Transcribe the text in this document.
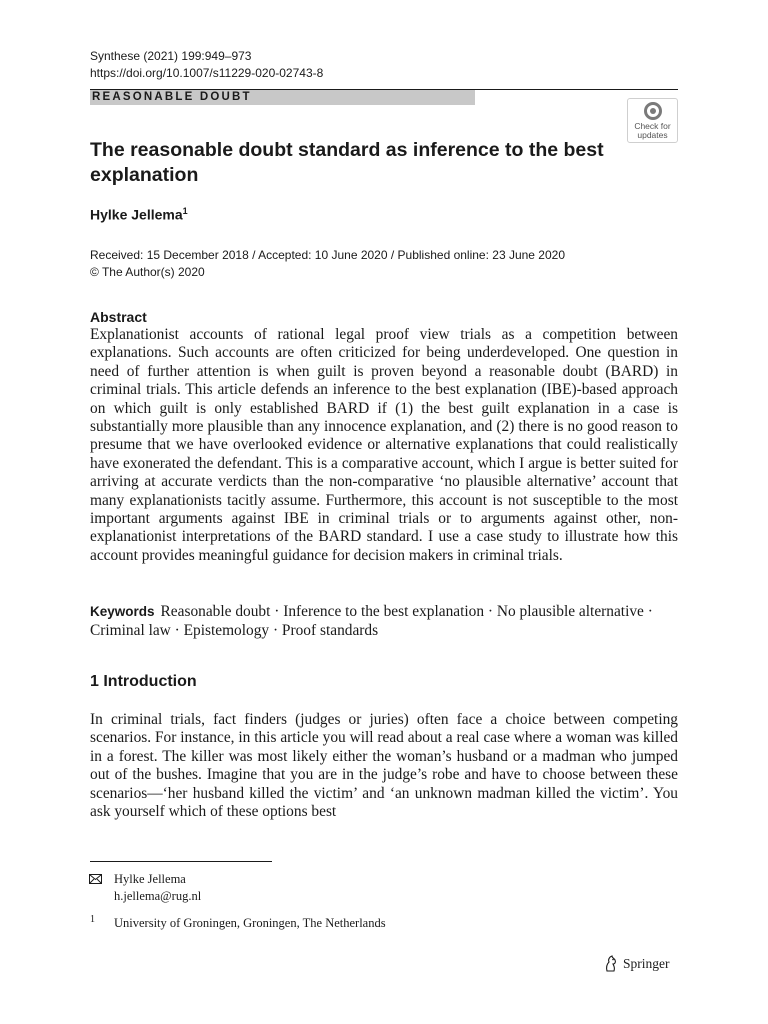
Synthese (2021) 199:949–973
https://doi.org/10.1007/s11229-020-02743-8
REASONABLE DOUBT
Check for
updates
The reasonable doubt standard as inference to the best explanation
Hylke Jellema$^1$
Received: 15 December 2018 / Accepted: 10 June 2020 / Published online: 23 June 2020
© The Author(s) 2020
Abstract
Explanationist accounts of rational legal proof view trials as a competition between explanations. Such accounts are often criticized for being underdeveloped. One question in need of further attention is when guilt is proven beyond a reasonable doubt (BARD) in criminal trials. This article defends an inference to the best explanation (IBE)-based approach on which guilt is only established BARD if (1) the best guilt explanation in a case is substantially more plausible than any innocence explanation, and (2) there is no good reason to presume that we have overlooked evidence or alternative explanations that could realistically have exonerated the defendant. This is a comparative account, which I argue is better suited for arriving at accurate verdicts than the non-comparative ‘no plausible alternative’ account that many explanationists tacitly assume. Furthermore, this account is not susceptible to the most important arguments against IBE in criminal trials or to arguments against other, non-explanationist interpretations of the BARD standard. I use a case study to illustrate how this account provides meaningful guidance for decision makers in criminal trials.
Keywords Reasonable doubt · Inference to the best explanation · No plausible alternative · Criminal law · Epistemology · Proof standards
1 Introduction
In criminal trials, fact finders (judges or juries) often face a choice between competing scenarios. For instance, in this article you will read about a real case where a woman was killed in a forest. The killer was most likely either the woman’s husband or a madman who jumped out of the bushes. Imagine that you are in the judge’s robe and have to choose between these scenarios—‘her husband killed the victim’ and ‘an unknown madman killed the victim’. You ask yourself which of these options best
Hylke Jellema
h.jellema@rug.nl
1 University of Groningen, Groningen, The Netherlands
Springer
